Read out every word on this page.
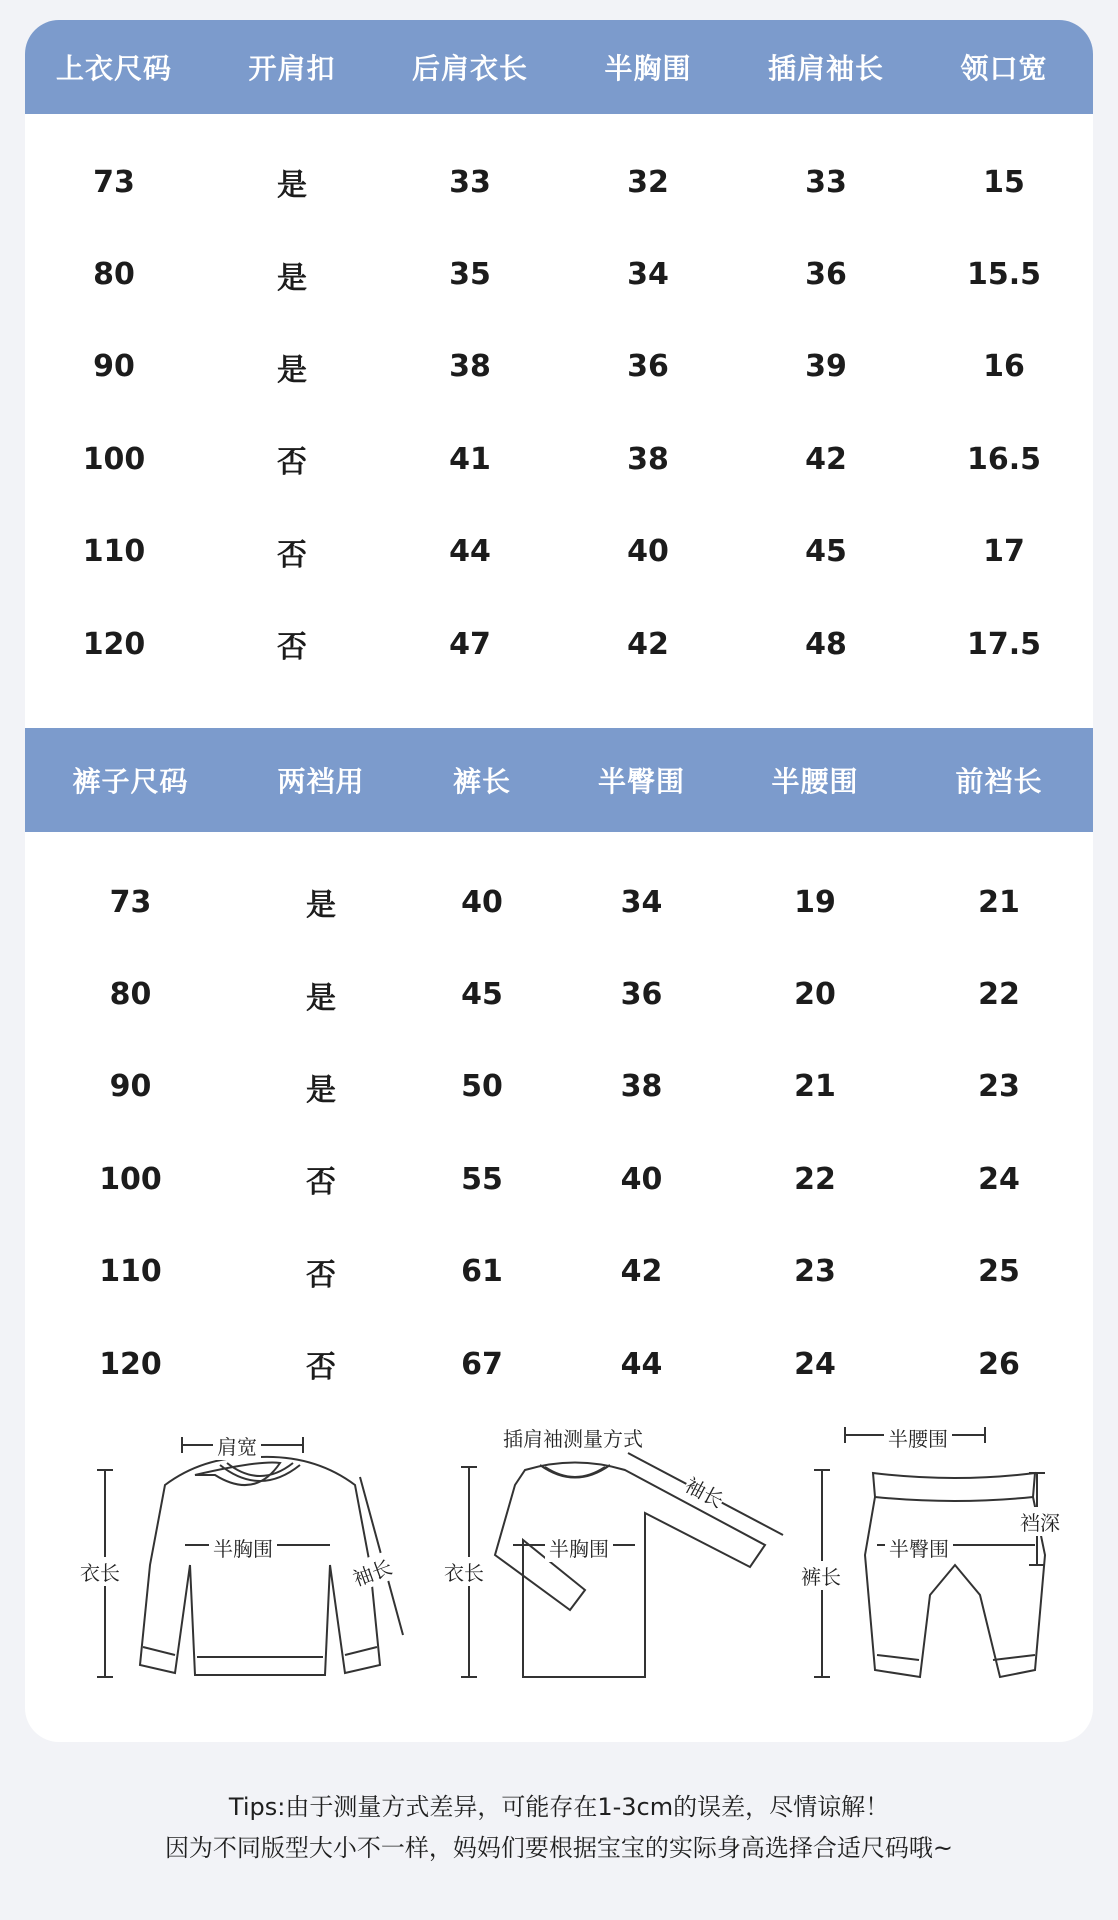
上衣尺码	开肩扣	后肩衣长	半胸围	插肩袖长	领口宽
73	是	33	32	33	15
80	是	35	34	36	15.5
90	是	38	36	39	16
100	否	41	38	42	16.5
110	否	44	40	45	17
120	否	47	42	48	17.5
裤子尺码	两裆用	裤长	半臀围	半腰围	前裆长
73	是	40	34	19	21
80	是	45	36	20	22
90	是	50	38	21	23
100	否	55	40	22	24
110	否	61	42	23	25
120	否	67	44	24	26
肩宽
衣长
半胸围
袖长
插肩袖测量方式
衣长
半胸围
袖长
半腰围
裤长
半臀围
裆深
Tips:由于测量方式差异，可能存在1-3cm的误差，尽情谅解！
因为不同版型大小不一样，妈妈们要根据宝宝的实际身高选择合适尺码哦~
